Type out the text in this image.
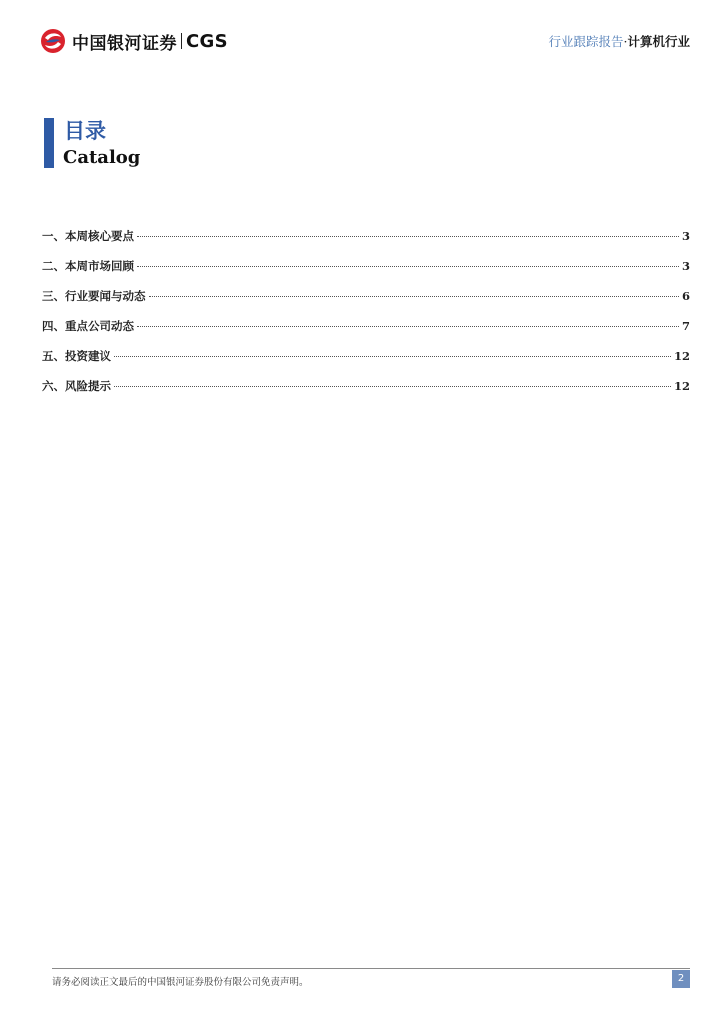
中国银河证券 CGS	行业跟踪报告·计算机行业
目录
Catalog
一、本周核心要点	3
二、本周市场回顾	3
三、行业要闻与动态	6
四、重点公司动态	7
五、投资建议	12
六、风险提示	12
请务必阅读正文最后的中国银河证券股份有限公司免责声明。	2
